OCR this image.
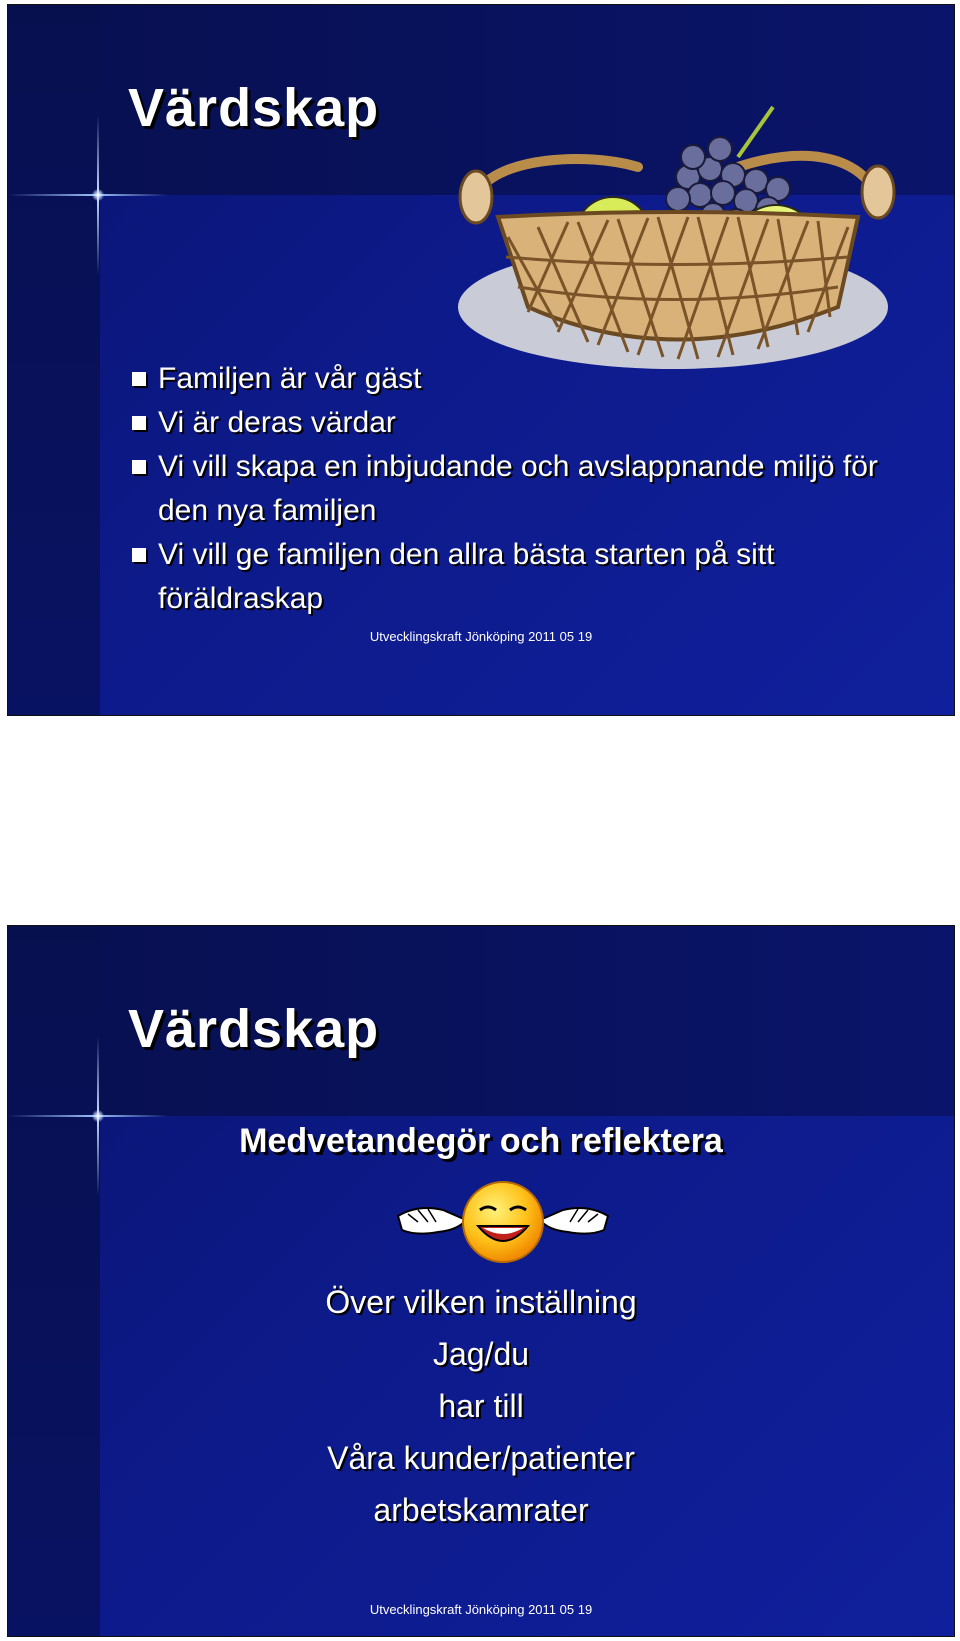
Värdskap
Familjen är vår gäst
Vi är deras värdar
Vi vill skapa en inbjudande och avslappnande miljö för den nya familjen
Vi vill ge familjen den allra bästa starten på sitt föräldraskap
Utvecklingskraft Jönköping 2011 05 19
Värdskap
Medvetandegör och reflektera
Över vilken inställning
Jag/du
har till
Våra kunder/patienter
arbetskamrater
Utvecklingskraft Jönköping 2011 05 19
